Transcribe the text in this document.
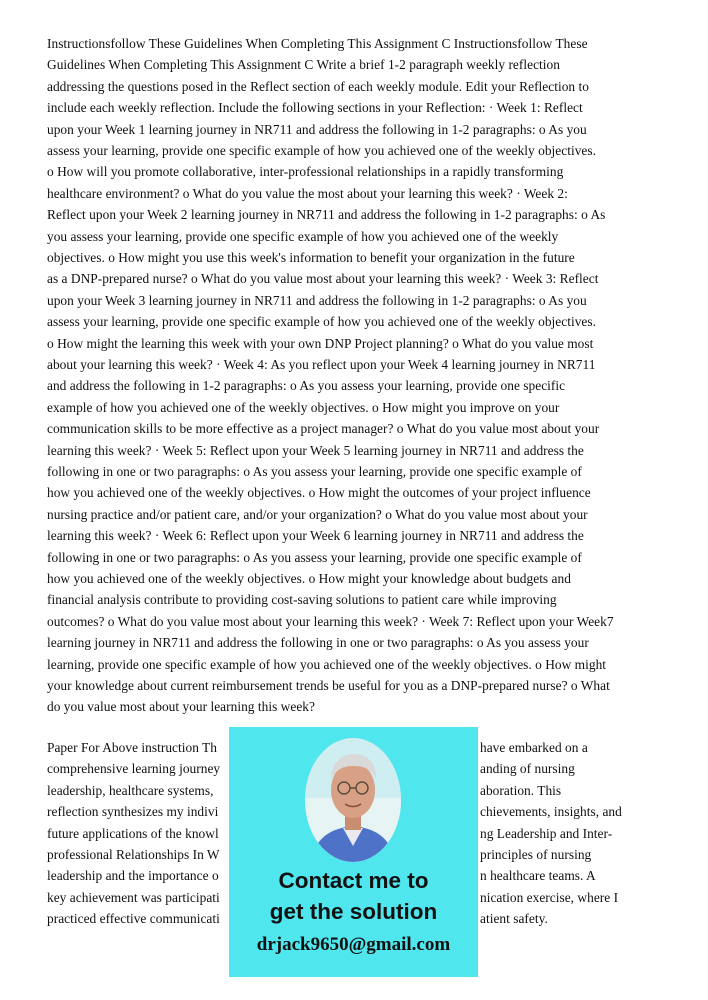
Instructionsfollow These Guidelines When Completing This Assignment C Instructionsfollow These
Guidelines When Completing This Assignment C Write a brief 1-2 paragraph weekly reflection
addressing the questions posed in the Reflect section of each weekly module. Edit your Reflection to
include each weekly reflection. Include the following sections in your Reflection: · Week 1: Reflect
upon your Week 1 learning journey in NR711 and address the following in 1-2 paragraphs: o As you
assess your learning, provide one specific example of how you achieved one of the weekly objectives.
o How will you promote collaborative, inter-professional relationships in a rapidly transforming
healthcare environment? o What do you value the most about your learning this week? · Week 2:
Reflect upon your Week 2 learning journey in NR711 and address the following in 1-2 paragraphs: o As
you assess your learning, provide one specific example of how you achieved one of the weekly
objectives. o How might you use this week's information to benefit your organization in the future
as a DNP-prepared nurse? o What do you value most about your learning this week? · Week 3: Reflect
upon your Week 3 learning journey in NR711 and address the following in 1-2 paragraphs: o As you
assess your learning, provide one specific example of how you achieved one of the weekly objectives.
o How might the learning this week with your own DNP Project planning? o What do you value most
about your learning this week? · Week 4: As you reflect upon your Week 4 learning journey in NR711
and address the following in 1-2 paragraphs: o As you assess your learning, provide one specific
example of how you achieved one of the weekly objectives. o How might you improve on your
communication skills to be more effective as a project manager? o What do you value most about your
learning this week? · Week 5: Reflect upon your Week 5 learning journey in NR711 and address the
following in one or two paragraphs: o As you assess your learning, provide one specific example of
how you achieved one of the weekly objectives. o How might the outcomes of your project influence
nursing practice and/or patient care, and/or your organization? o What do you value most about your
learning this week? · Week 6: Reflect upon your Week 6 learning journey in NR711 and address the
following in one or two paragraphs: o As you assess your learning, provide one specific example of
how you achieved one of the weekly objectives. o How might your knowledge about budgets and
financial analysis contribute to providing cost-saving solutions to patient care while improving
outcomes? o What do you value most about your learning this week? · Week 7: Reflect upon your Week7
learning journey in NR711 and address the following in one or two paragraphs: o As you assess your
learning, provide one specific example of how you achieved one of the weekly objectives. o How might
your knowledge about current reimbursement trends be useful for you as a DNP-prepared nurse? o What
do you value most about your learning this week?
Paper For Above instruction Th	have embarked on a
comprehensive learning journey	anding of nursing
leadership, healthcare systems,	aboration. This
reflection synthesizes my indivi	chievements, insights, and
future applications of the knowl	ng Leadership and Inter-
professional Relationships In W	principles of nursing
leadership and the importance o	n healthcare teams. A
key achievement was participati	nication exercise, where I
practiced effective communicati	atient safety.
Contact me to
get the solution
drjack9650@gmail.com
